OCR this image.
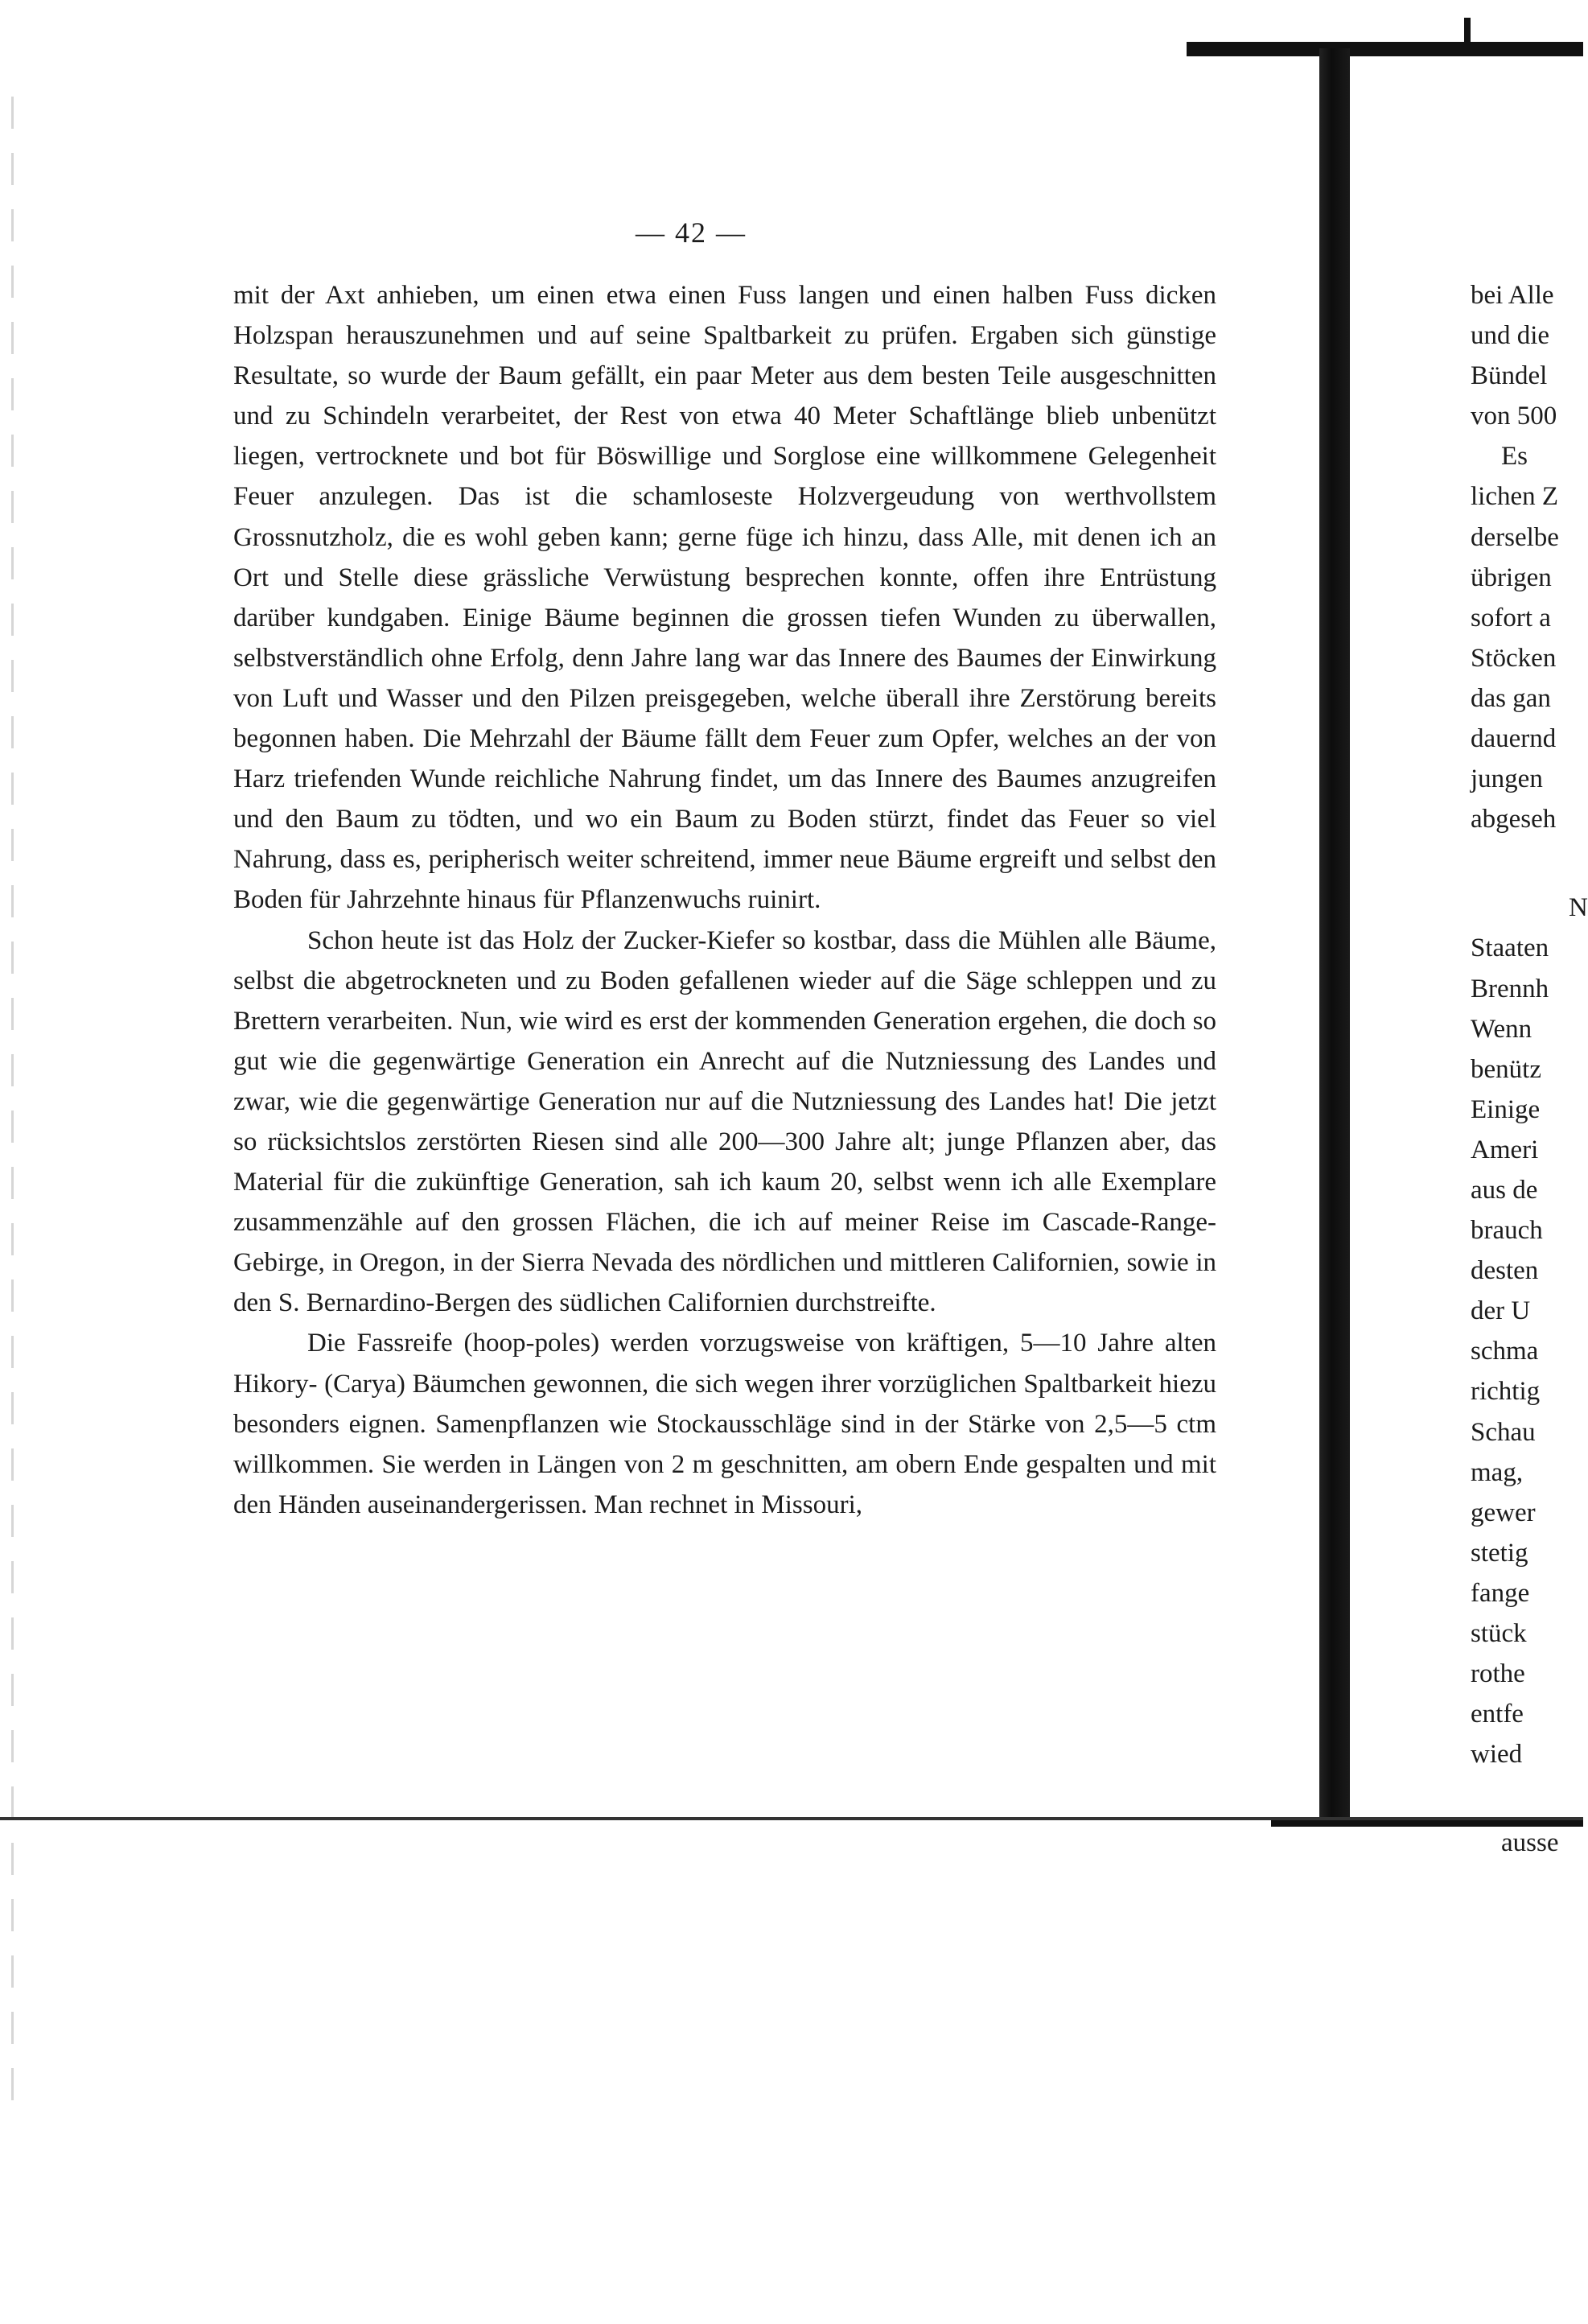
— 42 —

mit der Axt anhieben, um einen etwa einen Fuss langen und einen halben Fuss dicken Holzspan herauszunehmen und auf seine Spaltbarkeit zu prüfen. Ergaben sich günstige Resultate, so wurde der Baum gefällt, ein paar Meter aus dem besten Teile ausgeschnitten und zu Schindeln verarbeitet, der Rest von etwa 40 Meter Schaftlänge blieb unbenützt liegen, vertrocknete und bot für Böswillige und Sorglose eine willkommene Gelegenheit Feuer anzulegen. Das ist die schamloseste Holzvergeudung von werthvollstem Grossnutzholz, die es wohl geben kann; gerne füge ich hinzu, dass Alle, mit denen ich an Ort und Stelle diese grässliche Verwüstung besprechen konnte, offen ihre Entrüstung darüber kundgaben. Einige Bäume beginnen die grossen tiefen Wunden zu überwallen, selbstverständlich ohne Erfolg, denn Jahre lang war das Innere des Baumes der Einwirkung von Luft und Wasser und den Pilzen preisgegeben, welche überall ihre Zerstörung bereits begonnen haben. Die Mehrzahl der Bäume fällt dem Feuer zum Opfer, welches an der von Harz triefenden Wunde reichliche Nahrung findet, um das Innere des Baumes anzugreifen und den Baum zu tödten, und wo ein Baum zu Boden stürzt, findet das Feuer so viel Nahrung, dass es, peripherisch weiter schreitend, immer neue Bäume ergreift und selbst den Boden für Jahrzehnte hinaus für Pflanzenwuchs ruinirt.

Schon heute ist das Holz der Zucker-Kiefer so kostbar, dass die Mühlen alle Bäume, selbst die abgetrockneten und zu Boden gefallenen wieder auf die Säge schleppen und zu Brettern verarbeiten. Nun, wie wird es erst der kommenden Generation ergehen, die doch so gut wie die gegenwärtige Generation ein Anrecht auf die Nutzniessung des Landes und zwar, wie die gegenwärtige Generation nur auf die Nutzniessung des Landes hat! Die jetzt so rücksichtslos zerstörten Riesen sind alle 200—300 Jahre alt; junge Pflanzen aber, das Material für die zukünftige Generation, sah ich kaum 20, selbst wenn ich alle Exemplare zusammenzähle auf den grossen Flächen, die ich auf meiner Reise im Cascade-Range-Gebirge, in Oregon, in der Sierra Nevada des nördlichen und mittleren Californien, sowie in den S. Bernardino-Bergen des südlichen Californien durchstreifte.

Die Fassreife (hoop-poles) werden vorzugsweise von kräftigen, 5—10 Jahre alten Hikory- (Carya) Bäumchen gewonnen, die sich wegen ihrer vorzüglichen Spaltbarkeit hiezu besonders eignen. Samenpflanzen wie Stockausschläge sind in der Stärke von 2,5—5 ctm willkommen. Sie werden in Längen von 2 m geschnitten, am obern Ende gespalten und mit den Händen auseinandergerissen. Man rechnet in Missouri,

bei Alle
und die
Bündel
von 500
Es
lichen Z
derselbe
übrigen
sofort a
Stöcken
das gan
dauernd
jungen
abgeseh
N
Staaten
Brennh
Wenn
benütz
Einige
Ameri
aus de
brauch
desten
der U
schma
richtig
Schau
mag,
gewer
stetig
fange
stück
rothe
entfe
wied
ausse
